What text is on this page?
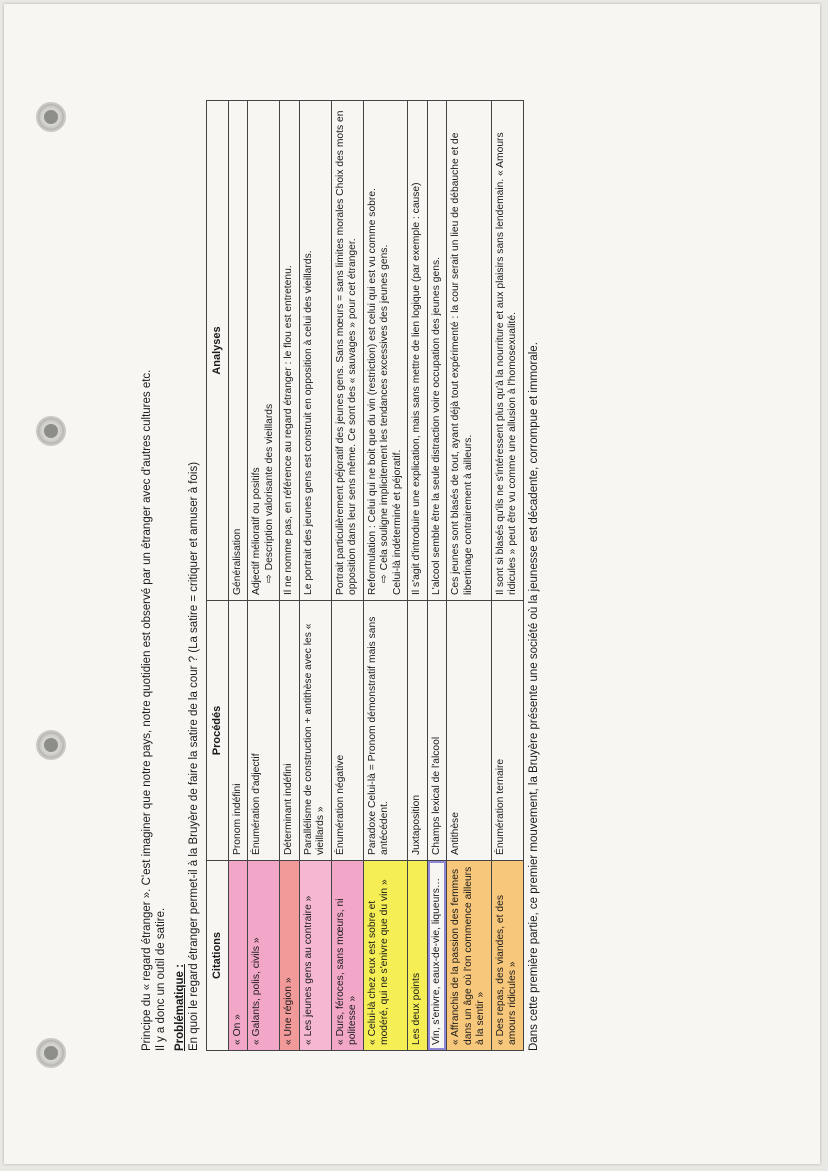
Principe du « regard étranger ». C'est imaginer que notre pays, notre quotidien est observé par un étranger avec d'autres cultures etc. Il y a donc un outil de satire. Problématique : En quoi le regard étranger permet-il à la Bruyère de faire la satire de la cour ? (La satire = critiquer et amuser à fois) Citations	Procédés	Analyses
« On »	Pronom indéfini	Généralisation
« Galants, polis, civils »	Énumération d'adjectif	Adjectif mélioratif ou positifs ⇨Description valorisante des vieillards

« Une région »	Déterminant indéfini	Il ne nomme pas, en référence au regard étranger : le flou est entretenu.
« Les jeunes gens au contraire »	Parallélisme de construction + antithèse avec les « vieillards »	Le portrait des jeunes gens est construit en opposition à celui des vieillards.
« Durs, féroces, sans mœurs, ni politesse »	Énumération négative	Portrait particulièrement péjoratif des jeunes gens. Sans mœurs = sans limites morales Choix des mots en opposition dans leur sens même. Ce sont des « sauvages » pour cet étranger.
« Celui-là chez eux est sobre et modéré, qui ne s'enivre que du vin »	Paradoxe Celui-là = Pronom démonstratif mais sans antécédent.	Reformulation : Celui qui ne boit que du vin (restriction) est celui qui est vu comme sobre. ⇨Cela souligne implicitement les tendances excessives des jeunes gens. Celui-là indéterminé et péjoratif.

Les deux points	Juxtaposition	Il s'agit d'introduire une explication, mais sans mettre de lien logique (par exemple : cause)
Vin, s'enivre, eaux-de-vie, liqueurs…	Champs lexical de l'alcool	L'alcool semble être la seule distraction voire occupation des jeunes gens.
« Affranchis de la passion des femmes dans un âge où l'on commence ailleurs à la sentir »	Antithèse	Ces jeunes sont blasés de tout, ayant déjà tout expérimenté : la cour serait un lieu de débauche et de libertinage contrairement à ailleurs.
« Des repas, des viandes, et des amours ridicules »	Énumération ternaire	Il sont si blasés qu'ils ne s'intéressent plus qu'à la nourriture et aux plaisirs sans lendemain. « Amours ridicules » peut être vu comme une allusion à l'homosexualité. Dans cette première partie, ce premier mouvement, la Bruyère présente une société où la jeunesse est décadente, corrompue et immorale.
